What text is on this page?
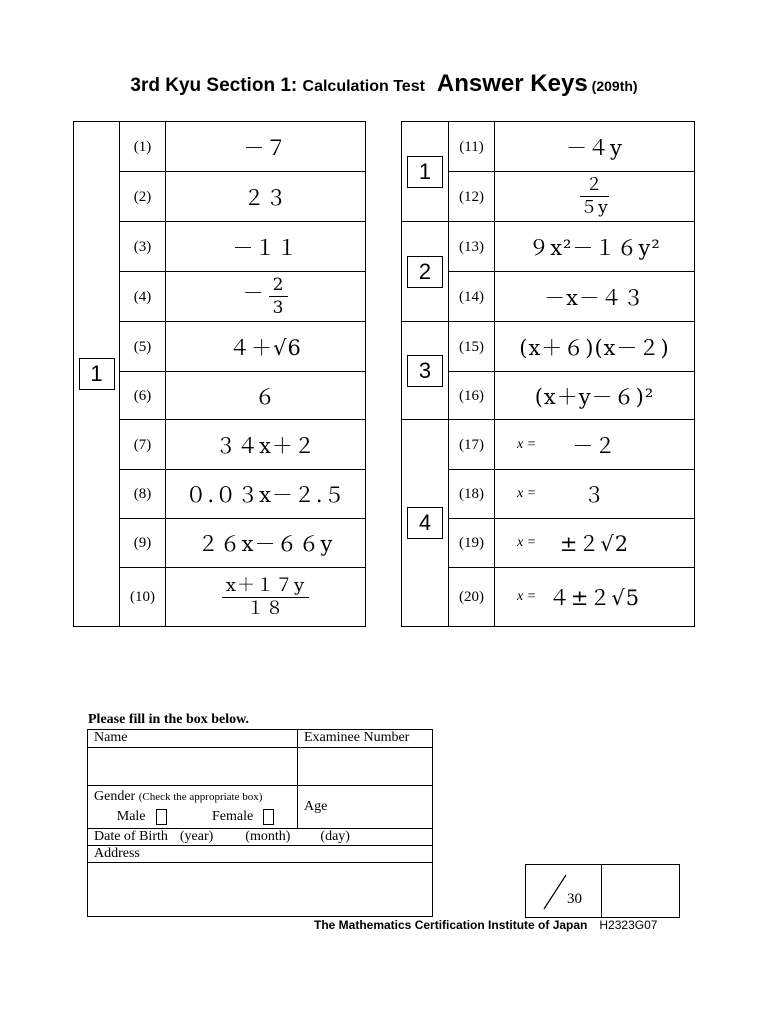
3rd Kyu Section 1: Calculation Test Answer Keys (209th)
1	(1)	－７
	(2)	２３
	(3)	－１１
	(4)	－ $\frac{2}{3}$

	(5)	４＋√6
	(6)	６
	(7)	３４x＋２
	(8)	０.０３x－２.５
	(9)	２６x－６６y
	(10)	$\frac{x+17y}{18}$
1	(11)	－４y
	(12)	$\frac{2}{5y}$

2	(13)	９x²－１６y²
	(14)	－x－４３
3	(15)	(x＋６)(x－２)
	(16)	(x＋y－６)²
4	(17)	x = －２
	(18)	x = ３
	(19)	x = ±２√2
	(20)	x = ４±２√5
Please fill in the box below.
Name	Examinee Number

Gender (Check the appropriate box)
Male Female	Age

Date of Birth (year) (month) (day)	

Address	

30
The Mathematics Certification Institute of Japan H2323G07
